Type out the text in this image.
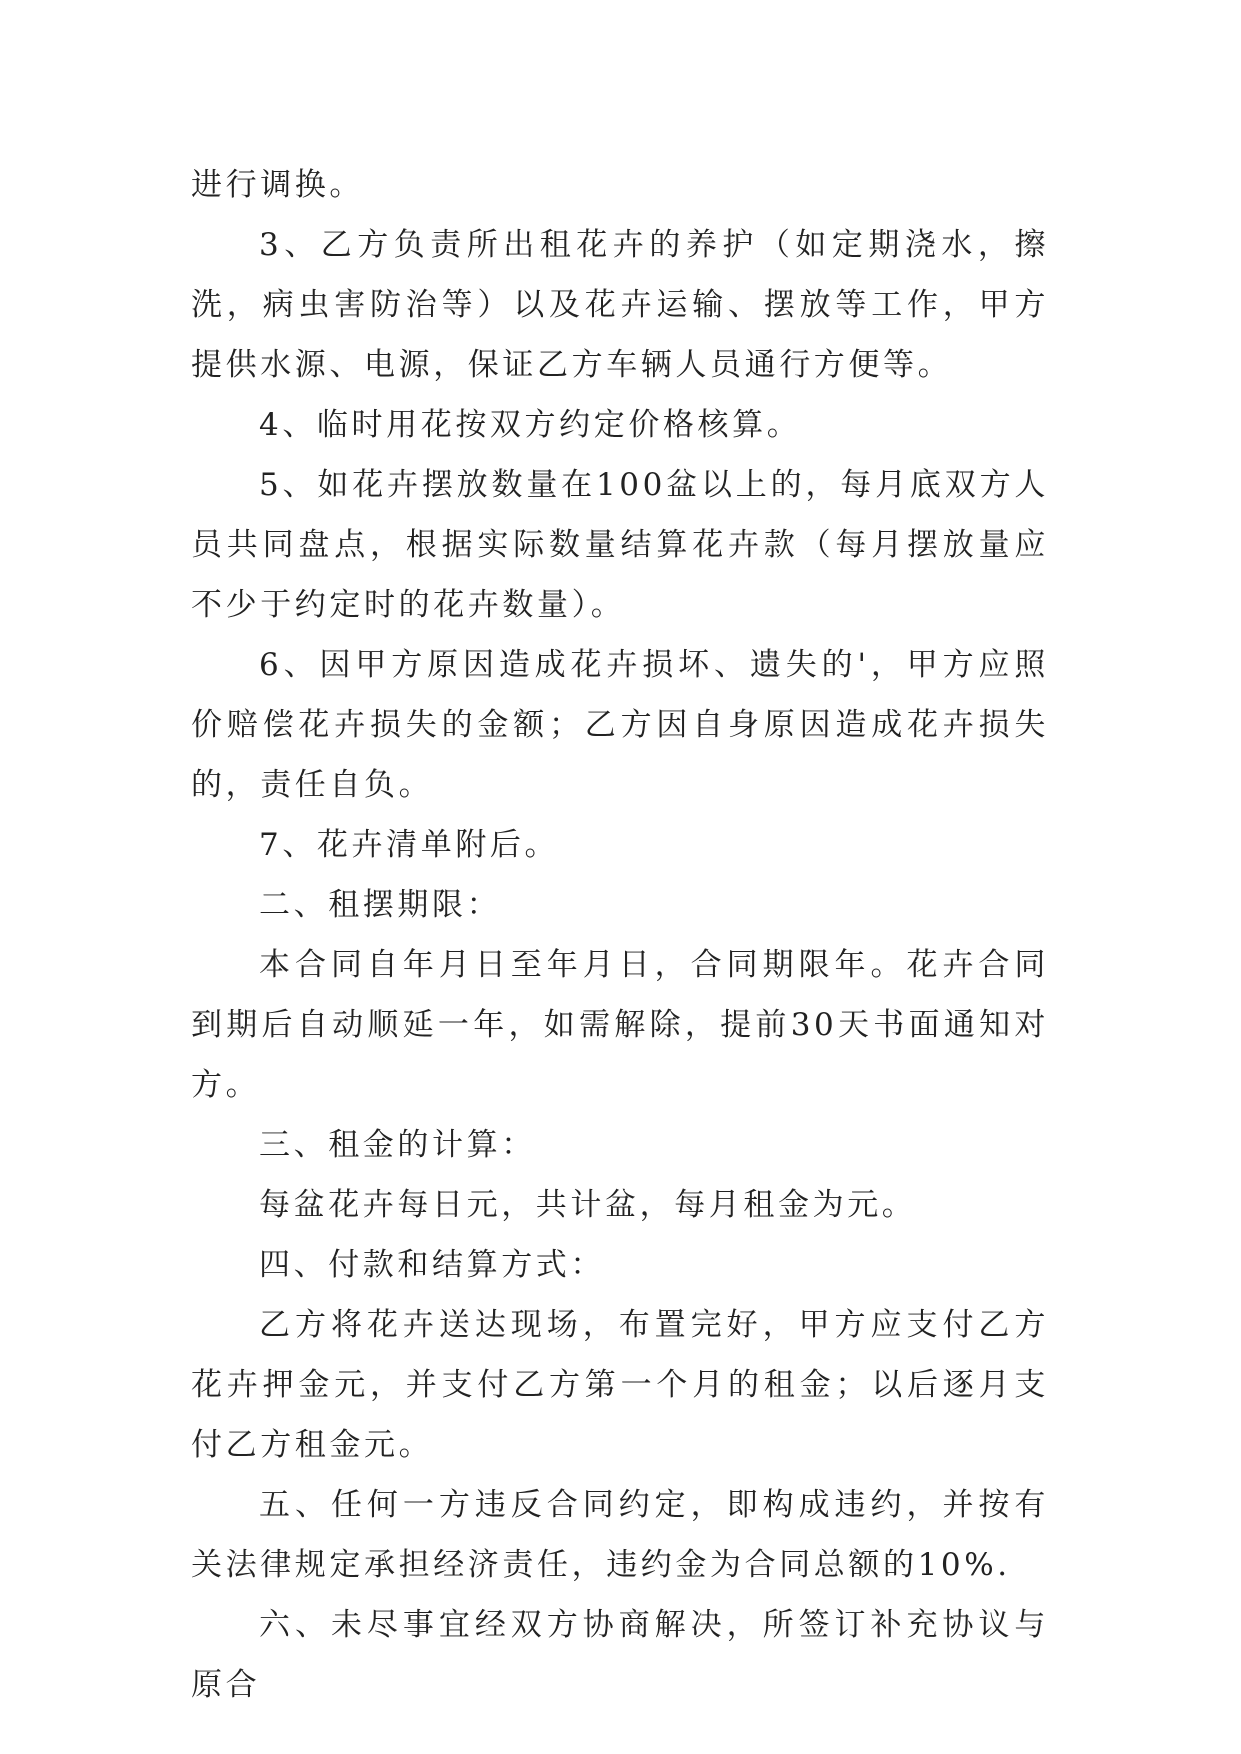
进行调换。

3、乙方负责所出租花卉的养护（如定期浇水，擦洗，病虫害防治等）以及花卉运输、摆放等工作，甲方提供水源、电源，保证乙方车辆人员通行方便等。

4、临时用花按双方约定价格核算。

5、如花卉摆放数量在100盆以上的，每月底双方人员共同盘点，根据实际数量结算花卉款（每月摆放量应不少于约定时的花卉数量）。

6、因甲方原因造成花卉损坏、遗失的'，甲方应照价赔偿花卉损失的金额；乙方因自身原因造成花卉损失的，责任自负。

7、花卉清单附后。

二、租摆期限：

本合同自年月日至年月日，合同期限年。花卉合同到期后自动顺延一年，如需解除，提前30天书面通知对方。

三、租金的计算：

每盆花卉每日元，共计盆，每月租金为元。

四、付款和结算方式：

乙方将花卉送达现场，布置完好，甲方应支付乙方花卉押金元，并支付乙方第一个月的租金；以后逐月支付乙方租金元。

五、任何一方违反合同约定，即构成违约，并按有关法律规定承担经济责任，违约金为合同总额的10%.

六、未尽事宜经双方协商解决，所签订补充协议与原合
